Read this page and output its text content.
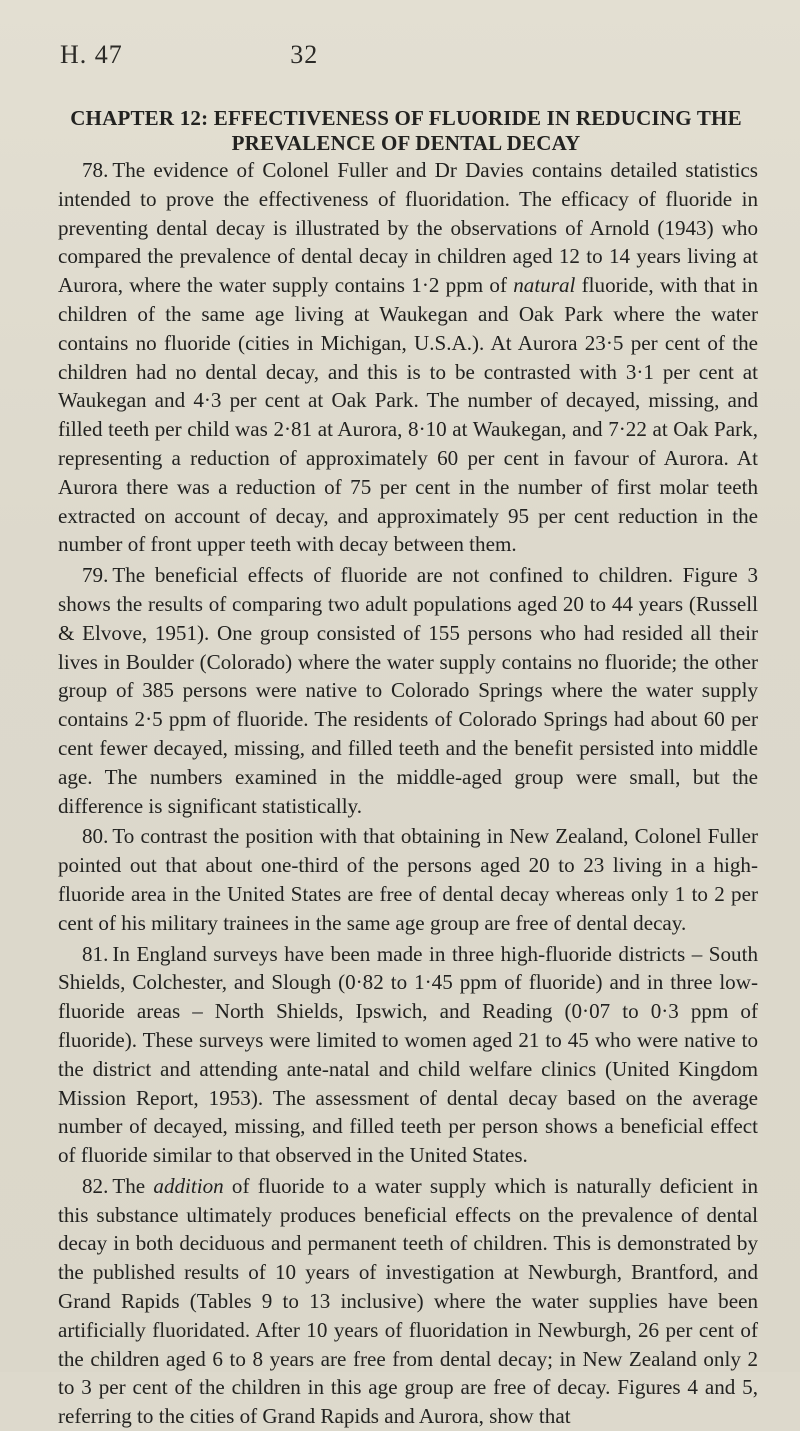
H. 47	32
CHAPTER 12: EFFECTIVENESS OF FLUORIDE IN REDUCING THE PREVALENCE OF DENTAL DECAY

78. The evidence of Colonel Fuller and Dr Davies contains detailed statistics intended to prove the effectiveness of fluoridation. The efficacy of fluoride in preventing dental decay is illustrated by the observations of Arnold (1943) who compared the prevalence of dental decay in children aged 12 to 14 years living at Aurora, where the water supply contains 1·2 ppm of natural fluoride, with that in children of the same age living at Waukegan and Oak Park where the water contains no fluoride (cities in Michigan, U.S.A.). At Aurora 23·5 per cent of the children had no dental decay, and this is to be contrasted with 3·1 per cent at Waukegan and 4·3 per cent at Oak Park. The number of decayed, missing, and filled teeth per child was 2·81 at Aurora, 8·10 at Waukegan, and 7·22 at Oak Park, representing a reduction of approximately 60 per cent in favour of Aurora. At Aurora there was a reduction of 75 per cent in the number of first molar teeth extracted on account of decay, and approximately 95 per cent reduction in the number of front upper teeth with decay between them.

79. The beneficial effects of fluoride are not confined to children. Figure 3 shows the results of comparing two adult populations aged 20 to 44 years (Russell & Elvove, 1951). One group consisted of 155 persons who had resided all their lives in Boulder (Colorado) where the water supply contains no fluoride; the other group of 385 persons were native to Colorado Springs where the water supply contains 2·5 ppm of fluoride. The residents of Colorado Springs had about 60 per cent fewer decayed, missing, and filled teeth and the benefit persisted into middle age. The numbers examined in the middle-aged group were small, but the difference is significant statistically.

80. To contrast the position with that obtaining in New Zealand, Colonel Fuller pointed out that about one-third of the persons aged 20 to 23 living in a high-fluoride area in the United States are free of dental decay whereas only 1 to 2 per cent of his military trainees in the same age group are free of dental decay.

81. In England surveys have been made in three high-fluoride districts – South Shields, Colchester, and Slough (0·82 to 1·45 ppm of fluoride) and in three low-fluoride areas – North Shields, Ipswich, and Reading (0·07 to 0·3 ppm of fluoride). These surveys were limited to women aged 21 to 45 who were native to the district and attending ante-natal and child welfare clinics (United Kingdom Mission Report, 1953). The assessment of dental decay based on the average number of decayed, missing, and filled teeth per person shows a beneficial effect of fluoride similar to that observed in the United States.

82. The addition of fluoride to a water supply which is naturally deficient in this substance ultimately produces beneficial effects on the prevalence of dental decay in both deciduous and permanent teeth of children. This is demonstrated by the published results of 10 years of investigation at Newburgh, Brantford, and Grand Rapids (Tables 9 to 13 inclusive) where the water supplies have been artificially fluoridated. After 10 years of fluoridation in Newburgh, 26 per cent of the children aged 6 to 8 years are free from dental decay; in New Zealand only 2 to 3 per cent of the children in this age group are free of decay. Figures 4 and 5, referring to the cities of Grand Rapids and Aurora, show that
